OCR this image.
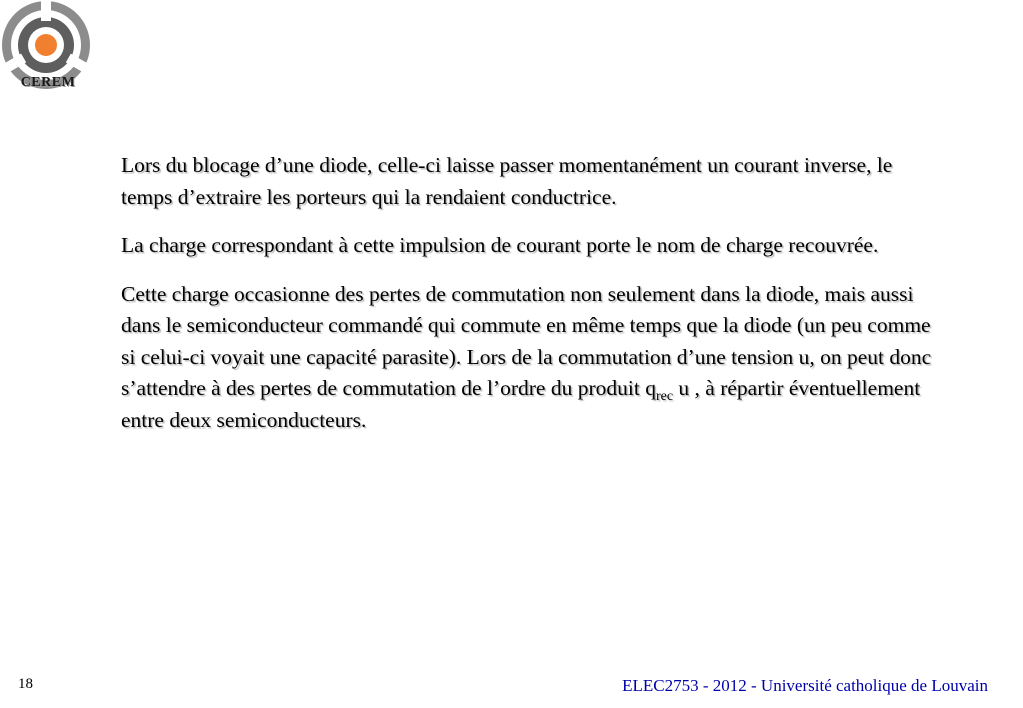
CEREM

Lors du blocage d’une diode, celle-ci laisse passer momentanément un courant inverse, le temps d’extraire les porteurs qui la rendaient conductrice.

La charge correspondant à cette impulsion de courant porte le nom de charge recouvrée.

Cette charge occasionne des pertes de commutation non seulement dans la diode, mais aussi dans le semiconducteur commandé qui commute en même temps que la diode (un peu comme si celui-ci voyait une capacité parasite). Lors de la commutation d’une tension u, on peut donc s’attendre à des pertes de commutation de l’ordre du produit $q_{rec}$ u , à répartir éventuellement entre deux semiconducteurs.

18	ELEC2753 - 2012 - Université catholique de Louvain
